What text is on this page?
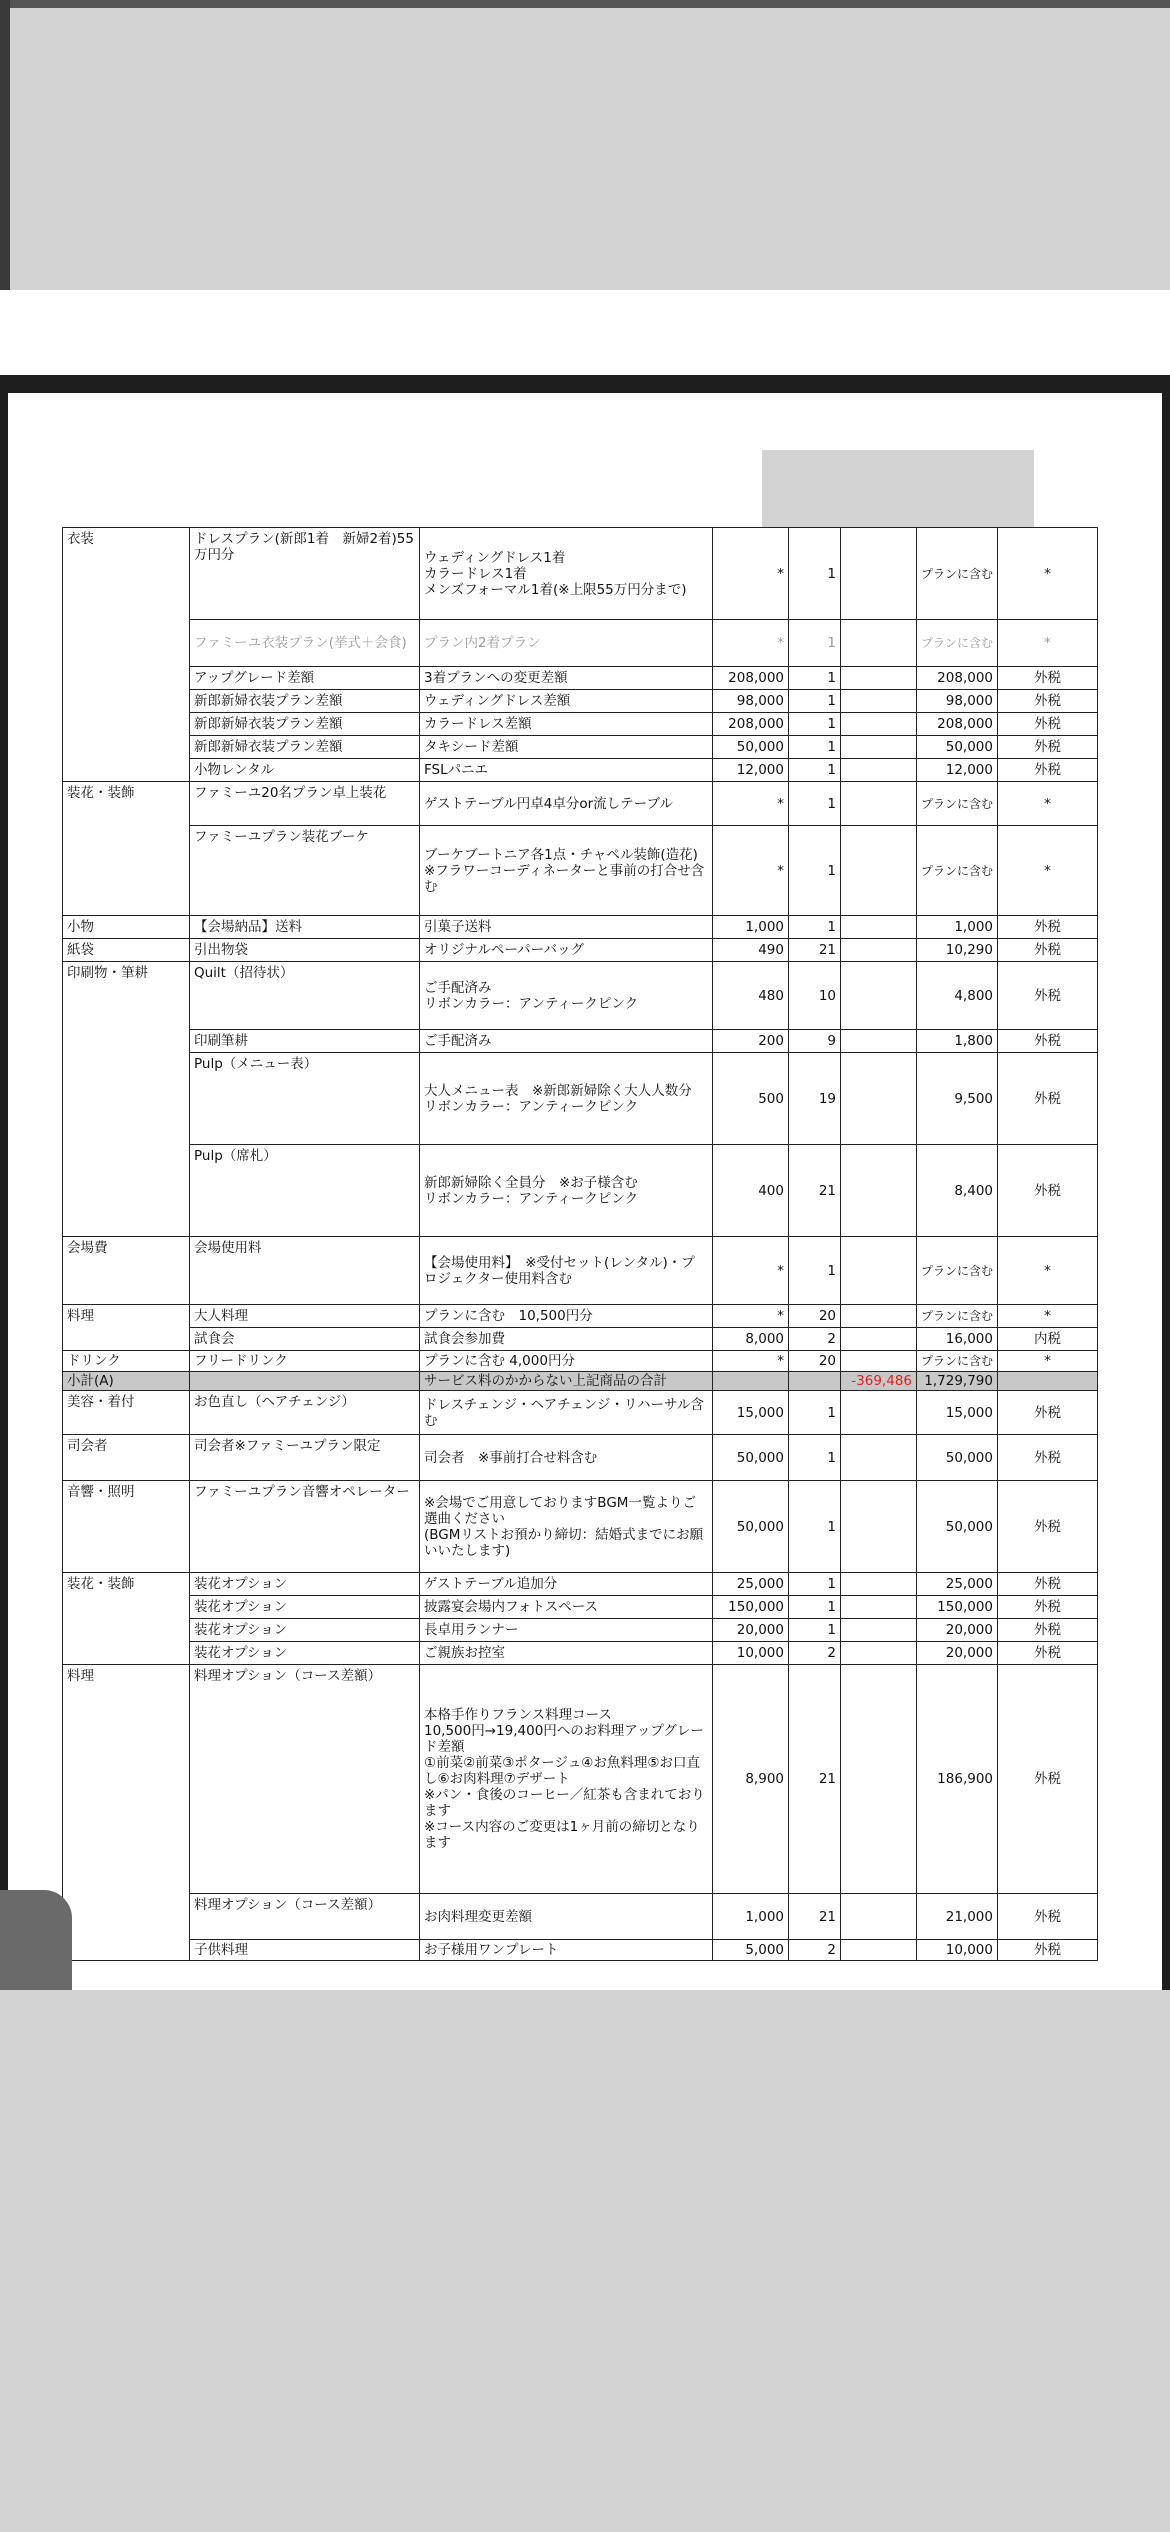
衣装	ドレスプラン(新郎1着　新婦2着)55万円分	ウェディングドレス1着
カラードレス1着
メンズフォーマル1着(※上限55万円分まで)	*	1		プランに含む	*
	ファミーユ衣装プラン(挙式＋会食)	プラン内2着プラン	*	1		プランに含む	*
	アップグレード差額	3着プランへの変更差額	208,000	1		208,000	外税
	新郎新婦衣装プラン差額	ウェディングドレス差額	98,000	1		98,000	外税
	新郎新婦衣装プラン差額	カラードレス差額	208,000	1		208,000	外税
	新郎新婦衣装プラン差額	タキシード差額	50,000	1		50,000	外税
	小物レンタル	FSLパニエ	12,000	1		12,000	外税
装花・装飾	ファミーユ20名プラン卓上装花	ゲストテーブル円卓4卓分or流しテーブル	*	1		プランに含む	*
	ファミーユプラン装花ブーケ	ブーケブートニア各1点・チャペル装飾(造花)
※フラワーコーディネーターと事前の打合せ含む	*	1		プランに含む	*
小物	【会場納品】送料	引菓子送料	1,000	1		1,000	外税
紙袋	引出物袋	オリジナルペーパーバッグ	490	21		10,290	外税
印刷物・筆耕	Quilt（招待状）	ご手配済み
リボンカラー：アンティークピンク	480	10		4,800	外税
	印刷筆耕	ご手配済み	200	9		1,800	外税
	Pulp（メニュー表）	大人メニュー表　※新郎新婦除く大人人数分
リボンカラー：アンティークピンク	500	19		9,500	外税
	Pulp（席札）	新郎新婦除く全員分　※お子様含む
リボンカラー：アンティークピンク	400	21		8,400	外税
会場費	会場使用料	【会場使用料】　※受付セット(レンタル)・プロジェクター使用料含む	*	1		プランに含む	*
料理	大人料理	プランに含む　10,500円分	*	20		プランに含む	*
	試食会	試食会参加費	8,000	2		16,000	内税
ドリンク	フリードリンク	プランに含む 4,000円分	*	20		プランに含む	*
小計(A)		サービス料のかからない上記商品の合計			-369,486	1,729,790	
美容・着付	お色直し（ヘアチェンジ）	ドレスチェンジ・ヘアチェンジ・リハーサル含む	15,000	1		15,000	外税
司会者	司会者※ファミーユプラン限定	司会者　※事前打合せ料含む	50,000	1		50,000	外税
音響・照明	ファミーユプラン音響オペレーター	※会場でご用意しておりますBGM一覧よりご選曲ください
(BGMリストお預かり締切：結婚式までにお願いいたします)	50,000	1		50,000	外税
装花・装飾	装花オプション	ゲストテーブル追加分	25,000	1		25,000	外税
	装花オプション	披露宴会場内フォトスペース	150,000	1		150,000	外税
	装花オプション	長卓用ランナー	20,000	1		20,000	外税
	装花オプション	ご親族お控室	10,000	2		20,000	外税
料理	料理オプション（コース差額）	本格手作りフランス料理コース
10,500円→19,400円へのお料理アップグレード差額
①前菜②前菜③ポタージュ④お魚料理⑤お口直し⑥お肉料理⑦デザート
※パン・食後のコーヒー／紅茶も含まれております
※コース内容のご変更は1ヶ月前の締切となります	8,900	21		186,900	外税
	料理オプション（コース差額）	お肉料理変更差額	1,000	21		21,000	外税
	子供料理	お子様用ワンプレート	5,000	2		10,000	外税
